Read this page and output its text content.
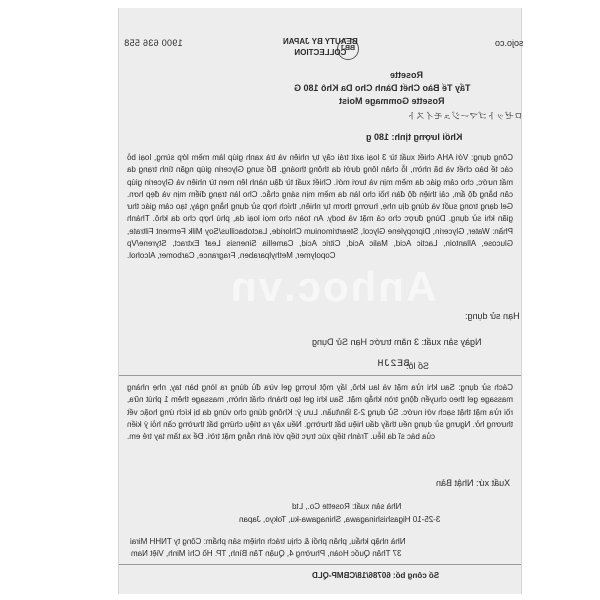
sojo.co
BBJ
BEAUTY BY JAPAN
COLLECTION
1900 636 558
Rosette
Tẩy Tế Bào Chết Dành Cho Da Khô 180 G
Rosette Gommage Moist
ロゼットゴマージュモイスト
Khối lượng tịnh: 180 g
Công dụng: Với AHA chiết xuất từ 3 loại axit trái cây tự nhiên và trà xanh giúp làm mềm lớp sừng, loại bỏ các tế bào chết và bã nhờn, lỗ chân lông dưới da thông thoáng. Bổ sung Glycerin giúp ngăn tình trạng da mất nước, cho cảm giác da mềm mịn và tươi mới. Chiết xuất từ đậu nành lên men từ nhiên và Glycerin giúp cân bằng độ ẩm, cải thiện độ đàn hồi cho làn da mềm mịn sáng chắc. Cho làn trạng điểm mịn và đẹp hơn. Gel dạng trong suốt và dùng dịu nhẹ, hương thơm tự nhiên, thích hợp sử dụng hằng ngày, tạo cảm giác thư giãn khi sử dụng. Dùng được cho cả mặt và body. An toàn cho mọi loại da, phù hợp cho da khô. Thành Phần: Water, Glycerin, Dipropylene Glycol, Steartrimonium Chloride, Lactobacillus/Soy Milk Ferment Filtrate, Glucose, Allantoin, Lactic Acid, Malic Acid, Citric Acid, Camellia Sinensis Leaf Extract, Styrene/Vp Copolymer, Methylparaben, Fragrance, Carbomer, Alcohol.
Hạn sử dụng:
Ngày sản xuất: 3 năm trước Hạn Sử Dụng
Số lô:
BE2JH
Cách sử dụng: Sau khi rửa mặt và lau khô, lấy một lượng gel vừa đủ dùng ra lòng bàn tay, nhẹ nhàng massage gel theo chuyển động tròn khắp mặt. Sau khi gel tạo thành chất nhờn, massage thêm 1 phút nữa, rồi rửa mặt thật sạch với nước. Sử dụng 2-3 lần/tuần. Lưu ý: Không dùng cho vùng da bị kích ứng hoặc vết thương hở. Ngưng sử dụng nếu thấy dấu hiệu bất thường. Nếu xảy ra triệu chứng bất thường cần hỏi ý kiến của bác sĩ da liễu. Tránh tiếp xúc trực tiếp với ánh nắng mặt trời. Để xa tầm tay trẻ em.
Xuất xứ: Nhật Bản
Nhà sản xuất: Rosette Co., Ltd
3-25-10 Higashishinagawa, Shinagawa-ku, Tokyo, Japan
Nhà nhập khẩu, phân phối & chịu trách nhiệm sản phẩm: Công ty TNHH Mirai
37 Thân Quốc Hoàn, Phường 4, Quận Tân Bình, TP. Hồ Chí Minh, Việt Nam
Số công bố: 60786/18/CBMP-QLD
Anhoc.vn
